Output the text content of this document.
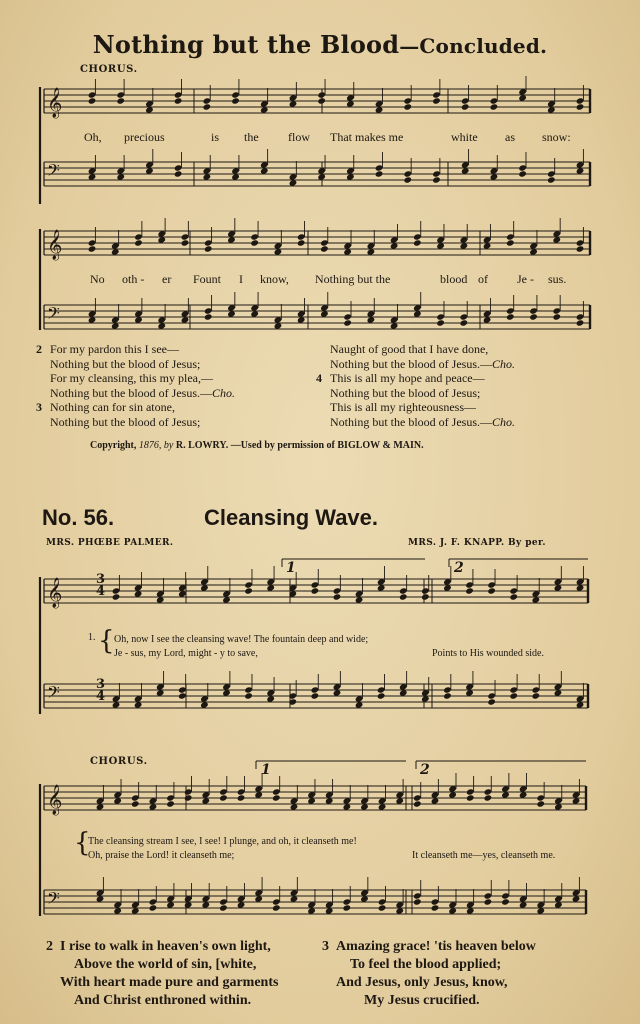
Nothing but the Blood—Concluded.
CHORUS.
𝄞
𝄢
𝄞
𝄢
𝄞
𝄢
𝄞
𝄢
Oh, precious	is the flow That makes me	white as snow:
No oth - er Fount I know, Nothing but the	blood of Je - sus.
2 For my pardon this I see—
Nothing but the blood of Jesus;
For my cleansing, this my plea,—
Nothing but the blood of Jesus.—Cho.
3 Nothing can for sin atone,
Nothing but the blood of Jesus;
Naught of good that I have done,
Nothing but the blood of Jesus.—Cho.
4 This is all my hope and peace—
Nothing but the blood of Jesus;
This is all my righteousness—
Nothing but the blood of Jesus.—Cho.
Copyright, 1876, by R. LOWRY. —Used by permission of BIGLOW & MAIN.
No. 56.	Cleansing Wave.
MRS. PHŒBE PALMER.	MRS. J. F. KNAPP. By per.
1	2
1	2
3
4
3
4
1. { Oh, now I see the cleansing wave! The fountain deep and wide;
Je - sus, my Lord, might - y to save,	Points to His wounded side.
CHORUS.
{
The cleansing stream I see, I see! I plunge, and oh, it cleanseth me!
Oh, praise the Lord! it cleanseth me;	It cleanseth me—yes, cleanseth me.
2 I rise to walk in heaven's own light,
Above the world of sin, [white,
With heart made pure and garments
And Christ enthroned within.
3 Amazing grace! 'tis heaven below
To feel the blood applied;
And Jesus, only Jesus, know,
My Jesus crucified.
